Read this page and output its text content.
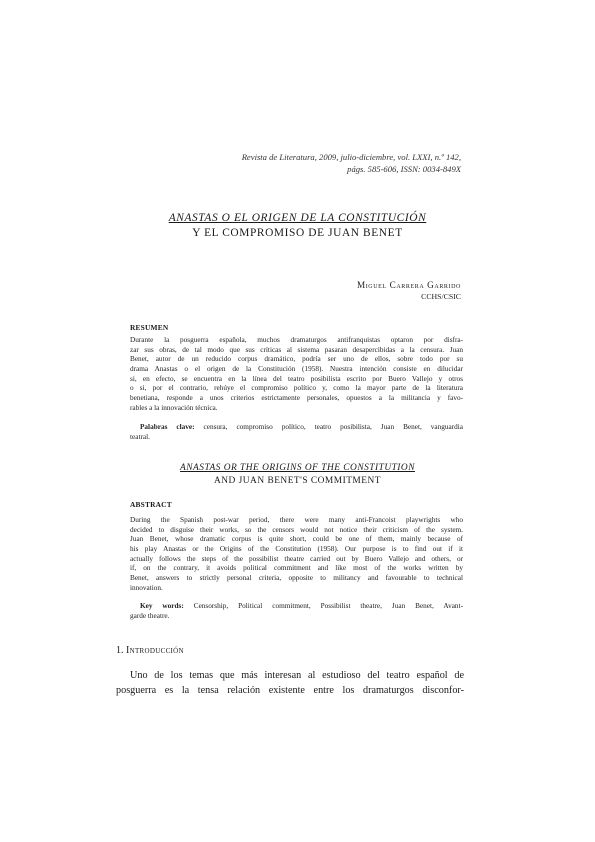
Revista de Literatura, 2009, julio-diciembre, vol. LXXI, n.º 142,
págs. 585-606, ISSN: 0034-849X
ANASTAS O EL ORIGEN DE LA CONSTITUCIÓN
Y EL COMPROMISO DE JUAN BENET
Miguel Carrera Garrido
CCHS/CSIC
RESUMEN
Durante la posguerra española, muchos dramaturgos antifranquistas optaron por disfra-
zar sus obras, de tal modo que sus críticas al sistema pasaran desapercibidas a la censura. Juan
Benet, autor de un reducido corpus dramático, podría ser uno de ellos, sobre todo por su
drama Anastas o el origen de la Constitución (1958). Nuestra intención consiste en dilucidar
si, en efecto, se encuentra en la línea del teatro posibilista escrito por Buero Vallejo y otros
o si, por el contrario, rehúye el compromiso político y, como la mayor parte de la literatura
benetiana, responde a unos criterios estrictamente personales, opuestos a la militancia y favo-
rables a la innovación técnica.
Palabras clave: censura, compromiso político, teatro posibilista, Juan Benet, vanguardia
teatral.
ANASTAS OR THE ORIGINS OF THE CONSTITUTION
AND JUAN BENET'S COMMITMENT
ABSTRACT
During the Spanish post-war period, there were many anti-Francoist playwrights who
decided to disguise their works, so the censors would not notice their criticism of the system.
Juan Benet, whose dramatic corpus is quite short, could be one of them, mainly because of
his play Anastas or the Origins of the Constitution (1958). Our purpose is to find out if it
actually follows the steps of the possibilist theatre carried out by Buero Vallejo and others, or
if, on the contrary, it avoids political commitment and like most of the works written by
Benet, answers to strictly personal criteria, opposite to militancy and favourable to technical
innovation.
Key words: Censorship, Political commitment, Possibilist theatre, Juan Benet, Avant-
garde theatre.
1. Introducción
Uno de los temas que más interesan al estudioso del teatro español de
posguerra es la tensa relación existente entre los dramaturgos disconfor-
